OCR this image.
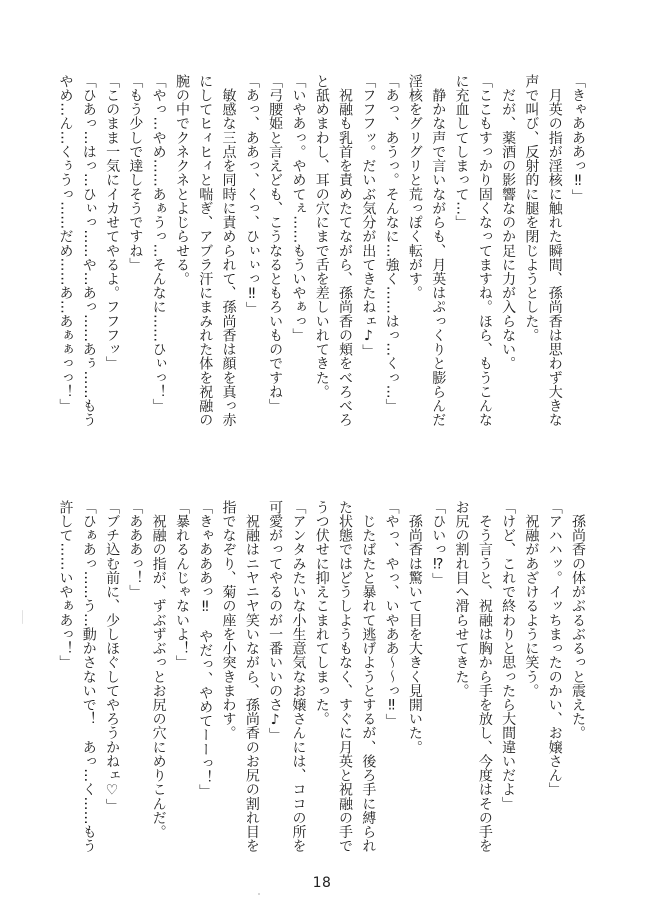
「きゃあああっ‼」
　月英の指が淫核に触れた瞬間、孫尚香は思わず大きな
声で叫び、反射的に腿を閉じようとした。
　だが、薬酒の影響なのか足に力が入らない。
「ここもすっかり固くなってますね。ほら、もうこんな
に充血してしまって…」
　静かな声で言いながらも、月英はぷっくりと膨らんだ
淫核をグリグリと荒っぽく転がす。
「あっ、あうっ。そんなに…強く……はっ…くっ…」
「フフフッ。だいぶ気分が出てきたねェ♪」
　祝融も乳首を責めたてながら、孫尚香の頬をべろべろ
と舐めまわし、耳の穴にまで舌を差しいれてきた。
「いやあっ。やめてぇ……もういやぁっ」
「弓腰姫と言えども、こうなるともろいものですね」
「あっ、ああっ、くっ、ひぃぃっ‼」
　敏感な三点を同時に責められて、孫尚香は顔を真っ赤
にしてヒィヒィと喘ぎ、アブラ汗にまみれた体を祝融の
腕の中でクネクネとよじらせる。
「やっ…やめ……あぁうっ…そんなに……ひぃっ！」
「もう少しで達しそうですね」
「このまま一気にイカせてやるよ。フフフッ」
「ひあっ…はっ…ひぃっ……や…あっ……あぅ……もう
やめ…ん…くぅうっ……だめ……あ…あぁぁっっ！」
　孫尚香の体がぶるぶるっと震えた。
「アハハッ。イッちまったのかい、お嬢さん」
　祝融があざけるように笑う。
「けど、これで終わりと思ったら大間違いだよ」
　そう言うと、祝融は胸から手を放し、今度はその手を
お尻の割れ目へ滑らせてきた。
「ひいっ⁉」
　孫尚香は驚いて目を大きく見開いた。
「やっ、やっ、いやああ〜〜っ‼」
　じたばたと暴れて逃げようとするが、後ろ手に縛られ
た状態ではどうしようもなく、すぐに月英と祝融の手で
うつ伏せに抑えこまれてしまった。
「アンタみたいな小生意気なお嬢さんには、ココの所を
可愛がってやるのが一番いいのさ♪」
　祝融はニヤニヤ笑いながら、孫尚香のお尻の割れ目を
指でなぞり、菊の座を小突きまわす。
「きゃあああっ‼　やだっ、やめてーーっ！」
「暴れるんじゃないよ！」
　祝融の指が、ずぶずぶっとお尻の穴にめりこんだ。
「あああっ！」
「ブチ込む前に、少しほぐしてやろうかねェ♡」
「ひぁあっ……う…動かさないで！　あっ…く……もう
許して……いやぁあっ！」
18
